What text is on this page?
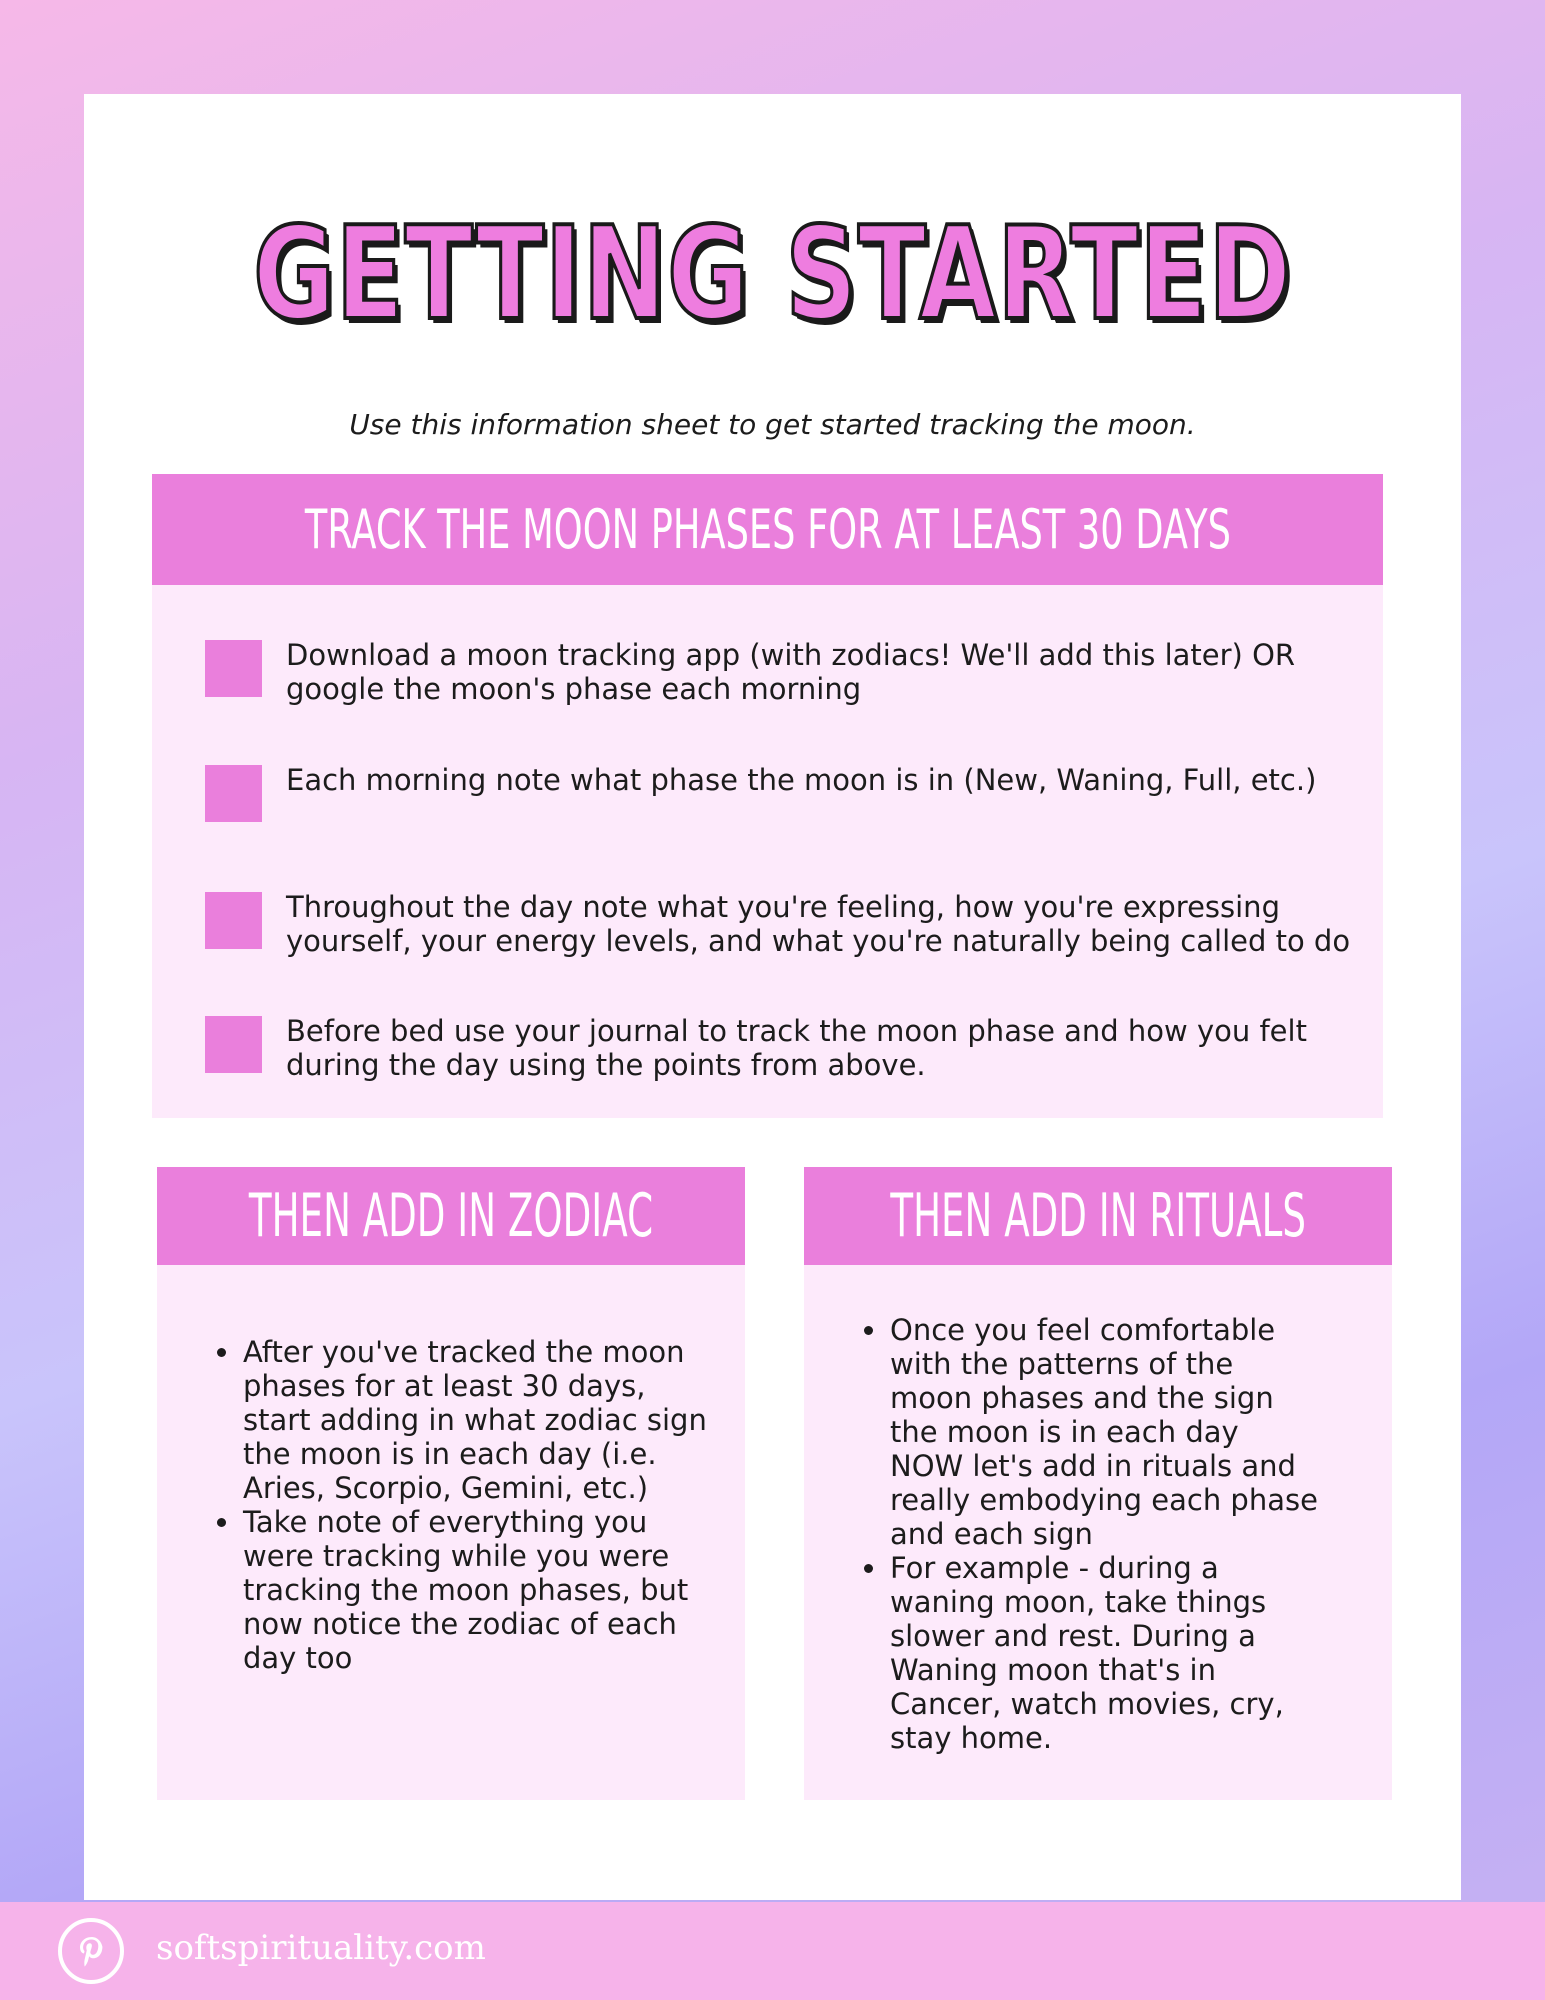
GETTING STARTED
Use this information sheet to get started tracking the moon.
TRACK THE MOON PHASES FOR AT LEAST 30 DAYS
Download a moon tracking app (with zodiacs! We'll add this later) OR google the moon's phase each morning
Each morning note what phase the moon is in (New, Waning, Full, etc.)
Throughout the day note what you're feeling, how you're expressing yourself, your energy levels, and what you're naturally being called to do
Before bed use your journal to track the moon phase and how you felt during the day using the points from above.
THEN ADD IN ZODIAC
After you've tracked the moon phases for at least 30 days, start adding in what zodiac sign the moon is in each day (i.e. Aries, Scorpio, Gemini, etc.)
Take note of everything you were tracking while you were tracking the moon phases, but now notice the zodiac of each day too
THEN ADD IN RITUALS
Once you feel comfortable with the patterns of the moon phases and the sign the moon is in each day NOW let's add in rituals and really embodying each phase and each sign
For example - during a waning moon, take things slower and rest. During a Waning moon that's in Cancer, watch movies, cry, stay home.
softspirituality.com
